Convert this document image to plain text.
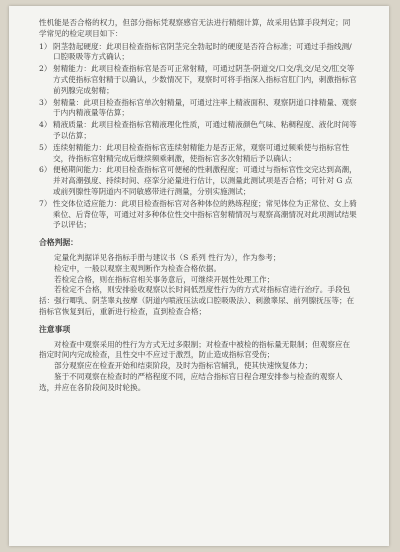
性机能是否合格的权力，但部分指标凭观察感官无法进行精细计算，故采用估算手段判定；同学常见的检定项目如下：

1） 阴茎勃起硬度：此项目检查指标官阴茎完全勃起时的硬度是否符合标准；可通过手指线测/口腔吸吸等方式确认；
2） 射精能力：此项目检查指标官是否可正常射精，可通过阴茎-阴道交/口交/乳交/足交/肛交等方式使指标官射精于以确认，少数情况下，观察时可将手指深入指标官肛门内，刺激指标官前列腺完成射精；
3） 射精量：此项目检查指标官单次射精量，可通过注率上精液面积、观察阴道口排精量、观察于内内精液量等估算；
4） 精液质量：此项目检查指标官精液理化性质，可通过精液颜色气味、粘稠程度、液化时间等予以估算；
5） 连续射精能力：此项目检查指标官连续射精能力是否正常，观察可通过频乘使与指标官性交，待指标官射精完成后继续频乘刺激，使指标官多次射精后予以确认；
6） 便秘期间能力：此项目检查指标官可便秘的性刺激程度；可通过与指标官性交完达到高潮，并对高潮强度、持续时间、痉挛分泌量进行估计，以测量此测试项是否合格；可针对 G 点或前列腺性等阴道内不同敏感带进行测量，分别实施测试；
7） 性交体位适应能力：此项目检查指标官对各种体位的熟练程度；常见体位为正常位、女上骑乘位、后背位等，可通过对多种体位性交中指标官射精情况与观察高潮情况对此项测试结果予以评估；

合格判据：

定量化判据详见各指标手册与建议书（S 系列 性行为），作为参考；

检定中，一般以观察主观判断作为检查合格依据。

若检定合格，则在指标官相关事务意后，可继续开展性处理工作；

若检定不合格，则安排验收观察以长时间低烈度性行为的方式对指标官进行治疗。手段包括：强行唧乳、阴茎睾丸按摩（阴道内喷液压法或口腔吸吸法）、刺激睾尿、前列腺抚压等；在指标官恢复到后，重新进行检查，直到检查合格；

注意事项

对检查中观察采用的性行为方式无过多限制；对检查中被检的指标量无限制；但观察应在指定时间内完成检查，且性交中不应过于激烈，防止造成指标官受伤；

部分观察应在检查开始和结束阶段，及时为指标官辅乳，使其快速恢复体力；

鉴于不同观察在检查时的严格程度不同，应结合指标官日程合理安排参与检查的观察人选，并应在各阶段间及时轮换。
